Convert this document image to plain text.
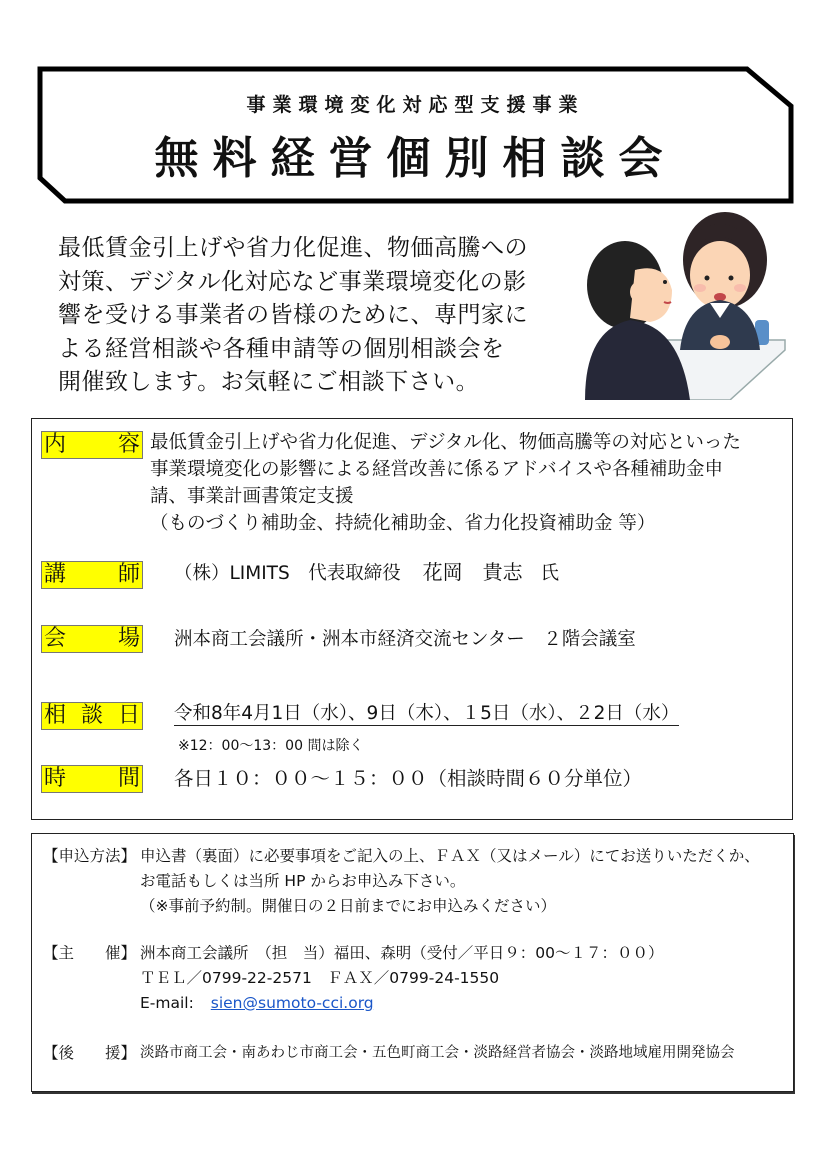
事業環境変化対応型支援事業
無料経営個別相談会
最低賃金引上げや省力化促進、物価高騰への
対策、デジタル化対応など事業環境変化の影
響を受ける事業者の皆様のために、専門家に
よる経営相談や各種申請等の個別相談会を
開催致します。お気軽にご相談下さい。
内 容 最低賃金引上げや省力化促進、デジタル化、物価高騰等の対応といった
事業環境変化の影響による経営改善に係るアドバイスや各種補助金申
請、事業計画書策定支援
（ものづくり補助金、持続化補助金、省力化投資補助金 等）
講 師 （株）LIMITS　代表取締役 花岡　貴志 氏
会 場 洲本商工会議所・洲本市経済交流センター　２階会議室
相 談 日 令和8年4月1日（水）、9日（木）、１5日（水）、２2日（水）
※12：00～13：00 間は除く
時 間 各日１０：００～１５：００（相談時間６０分単位）
【申込方法】 申込書（裏面）に必要事項をご記入の上、ＦＡＸ（又はメール）にてお送りいただくか、
お電話もしくは当所 HP からお申込み下さい。
（※事前予約制。開催日の２日前までにお申込みください）
【主　　催】 洲本商工会議所　（担　当）福田、森明（受付／平日９：00～１７：００）
ＴＥＬ／0799-22-2571　ＦＡＸ／0799-24-1550
E-mail: sien@sumoto-cci.org
【後　　援】 淡路市商工会・南あわじ市商工会・五色町商工会・淡路経営者協会・淡路地域雇用開発協会
